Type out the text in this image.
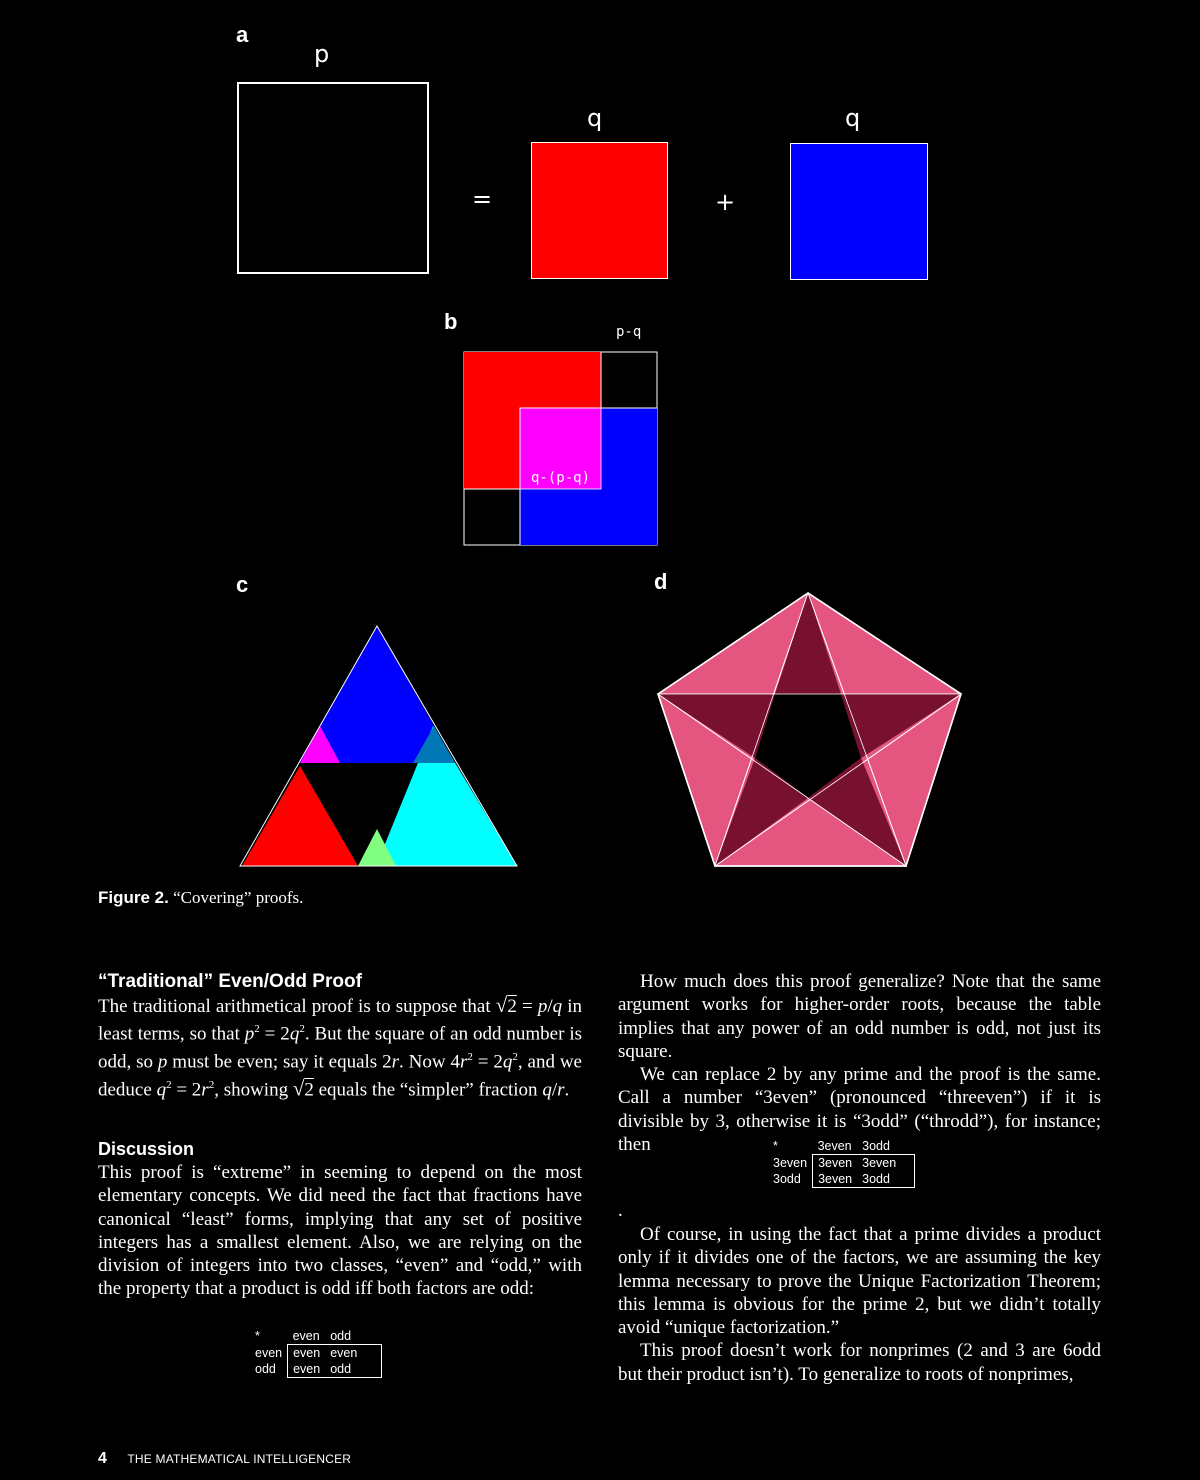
a
p
=
q
+
q
b	p-q
q-(p-q)
c	d
Figure 2. “Covering” proofs.
“Traditional” Even/Odd Proof

The traditional arithmetical proof is to suppose that √2 = p/q in least terms, so that $p^2 = 2q^2$. But the square of an odd number is odd, so p must be even; say it equals 2r. Now $4r^2 = 2q^2$, and we deduce $q^2 = 2r^2$, showing √2 equals the “simpler” fraction q/r.

Discussion

This proof is “extreme” in seeming to depend on the most elementary concepts. We did need the fact that fractions have canonical “least” forms, implying that any set of positive integers has a smallest element. Also, we are relying on the division of integers into two classes, “even” and “odd,” with the property that a product is odd iff both factors are odd:

*	even	odd
even	even	even
odd	even	odd

How much does this proof generalize? Note that the same argument works for higher-order roots, because the table implies that any power of an odd number is odd, not just its square.

We can replace 2 by any prime and the proof is the same. Call a number “3even” (pronounced “threeven”) if it is divisible by 3, otherwise it is “3odd” (“throdd”), for instance; then	*	3even	3odd
3even	3even	3even
3odd	3even	3odd
.

Of course, in using the fact that a prime divides a product only if it divides one of the factors, we are assuming the key lemma necessary to prove the Unique Factorization Theorem; this lemma is obvious for the prime 2, but we didn’t totally avoid “unique factorization.”

This proof doesn’t work for nonprimes (2 and 3 are 6odd but their product isn’t). To generalize to roots of nonprimes,

4 THE MATHEMATICAL INTELLIGENCER
